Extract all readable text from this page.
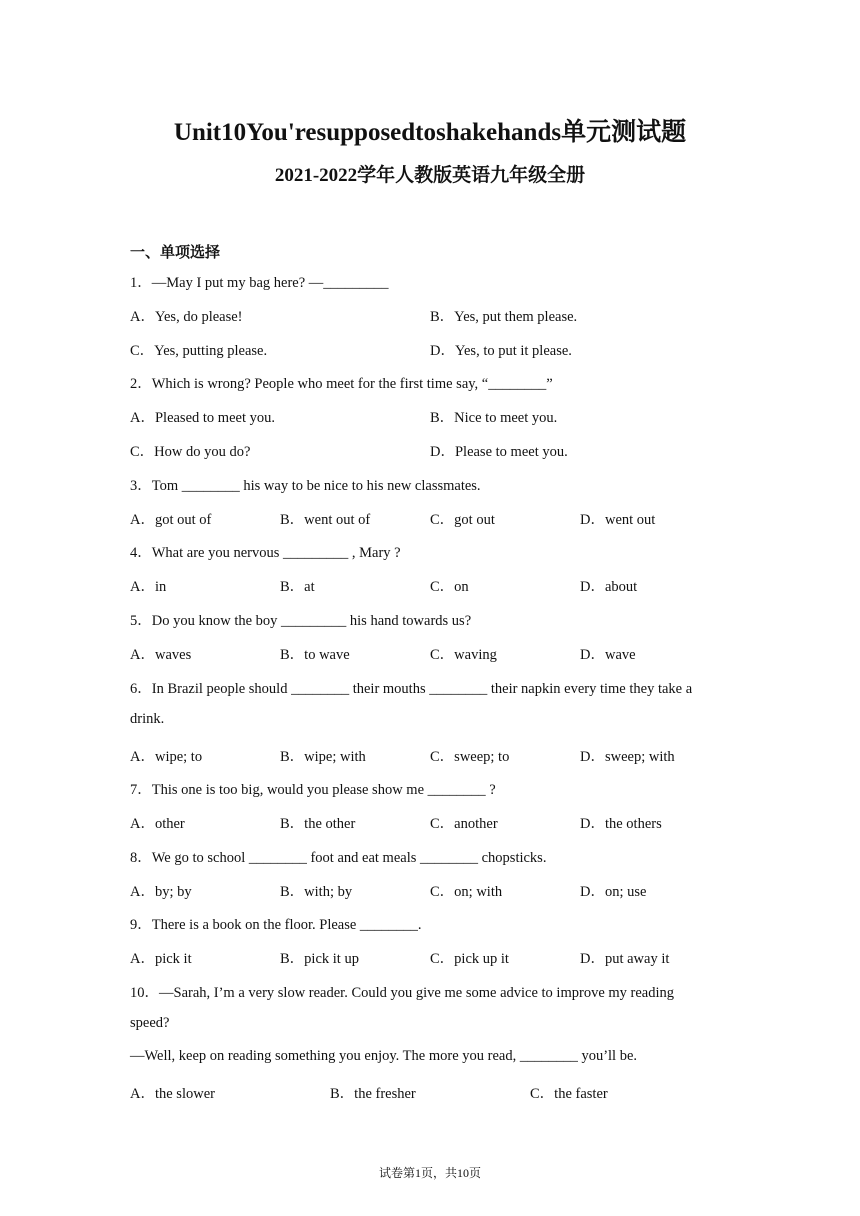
Unit10You'resupposedtoshakehands单元测试题
2021-2022学年人教版英语九年级全册
一、单项选择
1．—May I put my bag here? —_________
A．Yes, do please!	B．Yes, put them please.
C．Yes, putting please.	D．Yes, to put it please.
2．Which is wrong? People who meet for the first time say, “________”
A．Pleased to meet you.	B．Nice to meet you.
C．How do you do?	D．Please to meet you.
3．Tom ________ his way to be nice to his new classmates.
A．got out of	B．went out of	C．got out	D．went out
4．What are you nervous _________ , Mary ?
A．in	B．at	C．on	D．about
5．Do you know the boy _________ his hand towards us?
A．waves	B．to wave	C．waving	D．wave
6．In Brazil people should ________ their mouths ________ their napkin every time they take a
drink.
A．wipe; to	B．wipe; with	C．sweep; to	D．sweep; with
7．This one is too big, would you please show me ________ ?
A．other	B．the other	C．another	D．the others
8．We go to school ________ foot and eat meals ________ chopsticks.
A．by; by	B．with; by	C．on; with	D．on; use
9．There is a book on the floor. Please ________.
A．pick it	B．pick it up	C．pick up it	D．put away it
10．—Sarah, I’m a very slow reader. Could you give me some advice to improve my reading
speed?
—Well, keep on reading something you enjoy. The more you read, ________ you’ll be.
A．the slower	B．the fresher	C．the faster
试卷第1页，共10页
